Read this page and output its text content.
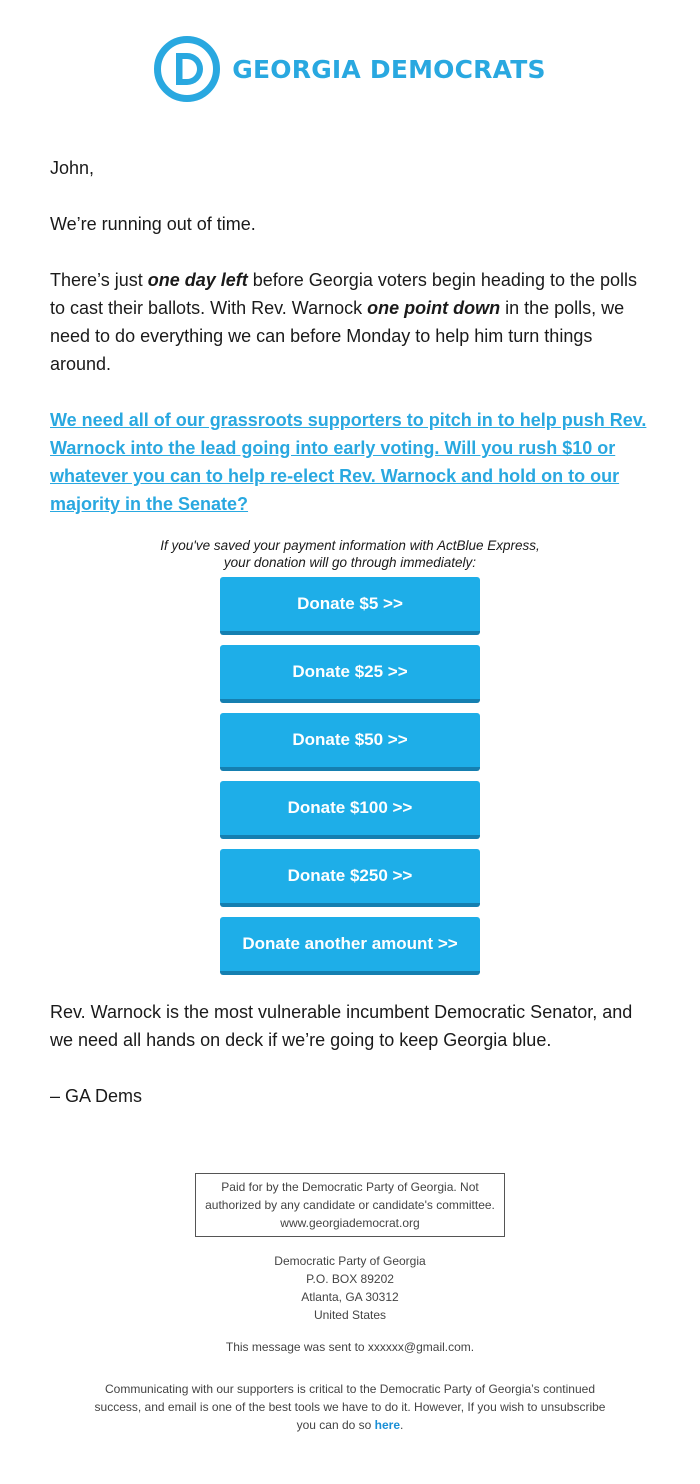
GEORGIA DEMOCRATS

John,

We’re running out of time.

There’s just one day left before Georgia voters begin heading to the polls to cast their ballots. With Rev. Warnock one point down in the polls, we need to do everything we can before Monday to help him turn things around.

We need all of our grassroots supporters to pitch in to help push Rev. Warnock into the lead going into early voting. Will you rush $10 or whatever you can to help re-elect Rev. Warnock and hold on to our majority in the Senate?

If you've saved your payment information with ActBlue Express,
your donation will go through immediately:
Donate $5 >>
Donate $25 >>
Donate $50 >>
Donate $100 >>
Donate $250 >>
Donate another amount >>

Rev. Warnock is the most vulnerable incumbent Democratic Senator, and we need all hands on deck if we’re going to keep Georgia blue.

– GA Dems

Paid for by the Democratic Party of Georgia. Not
authorized by any candidate or candidate's committee.
www.georgiademocrat.org
Democratic Party of Georgia
P.O. BOX 89202
Atlanta, GA 30312
United States
This message was sent to xxxxxx@gmail.com.
Communicating with our supporters is critical to the Democratic Party of Georgia’s continued success, and email is one of the best tools we have to do it. However, If you wish to unsubscribe you can do so here.
